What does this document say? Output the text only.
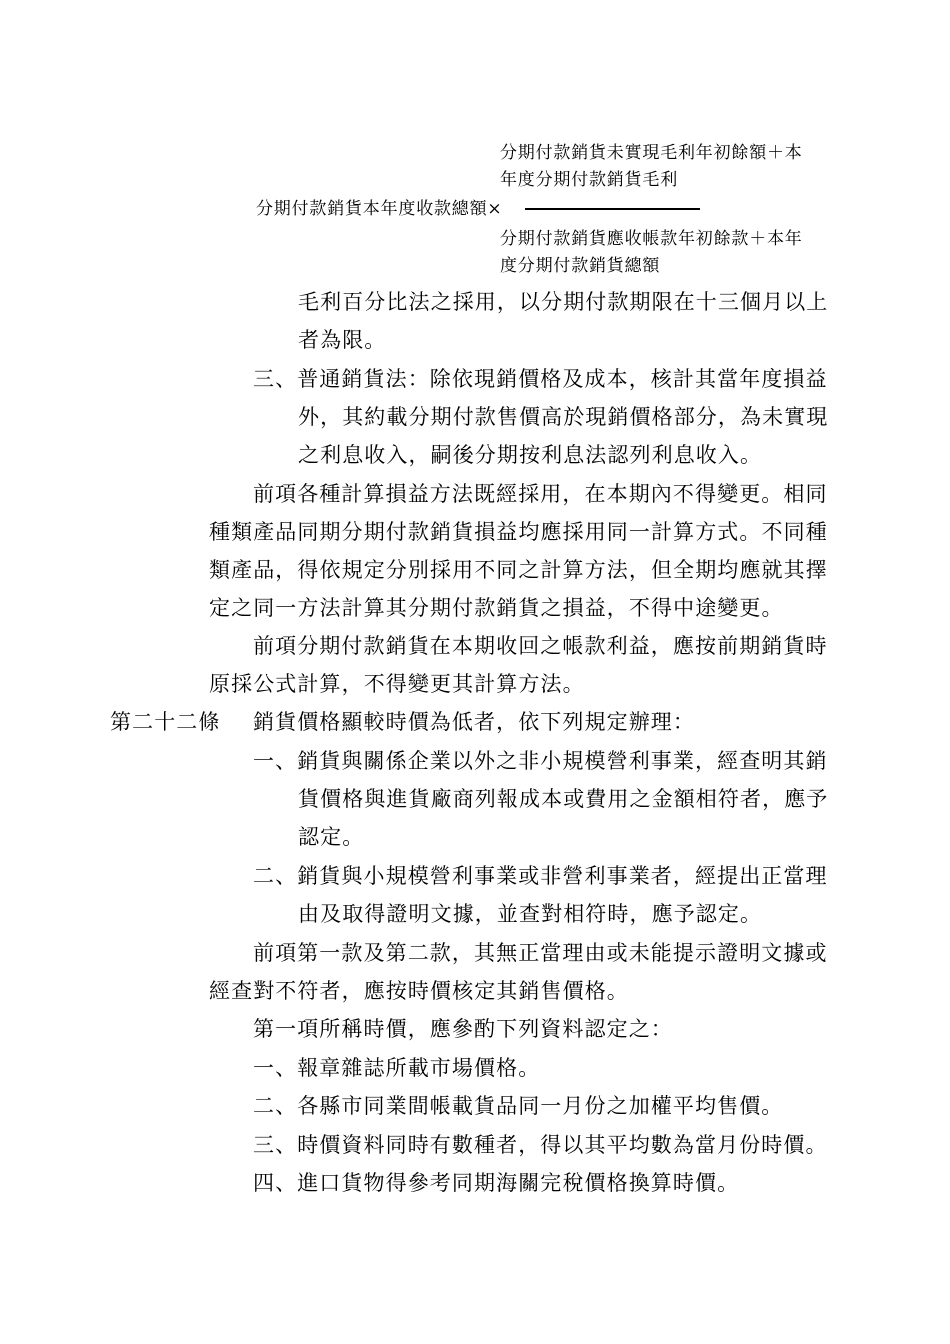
分期付款銷貨未實現毛利年初餘額＋本
年度分期付款銷貨毛利
分期付款銷貨本年度收款總額×
分期付款銷貨應收帳款年初餘款＋本年
度分期付款銷貨總額
毛利百分比法之採用，以分期付款期限在十三個月以上
者為限。
三、普通銷貨法：除依現銷價格及成本，核計其當年度損益
外，其約載分期付款售價高於現銷價格部分，為未實現
之利息收入，嗣後分期按利息法認列利息收入。
前項各種計算損益方法既經採用，在本期內不得變更。相同
種類產品同期分期付款銷貨損益均應採用同一計算方式。不同種
類產品，得依規定分別採用不同之計算方法，但全期均應就其擇
定之同一方法計算其分期付款銷貨之損益，不得中途變更。
前項分期付款銷貨在本期收回之帳款利益，應按前期銷貨時
原採公式計算，不得變更其計算方法。
第二十二條 銷貨價格顯較時價為低者，依下列規定辦理：
一、銷貨與關係企業以外之非小規模營利事業，經查明其銷
貨價格與進貨廠商列報成本或費用之金額相符者，應予
認定。
二、銷貨與小規模營利事業或非營利事業者，經提出正當理
由及取得證明文據，並查對相符時，應予認定。
前項第一款及第二款，其無正當理由或未能提示證明文據或
經查對不符者，應按時價核定其銷售價格。
第一項所稱時價，應參酌下列資料認定之：
一、報章雜誌所載市場價格。
二、各縣市同業間帳載貨品同一月份之加權平均售價。
三、時價資料同時有數種者，得以其平均數為當月份時價。
四、進口貨物得參考同期海關完稅價格換算時價。
